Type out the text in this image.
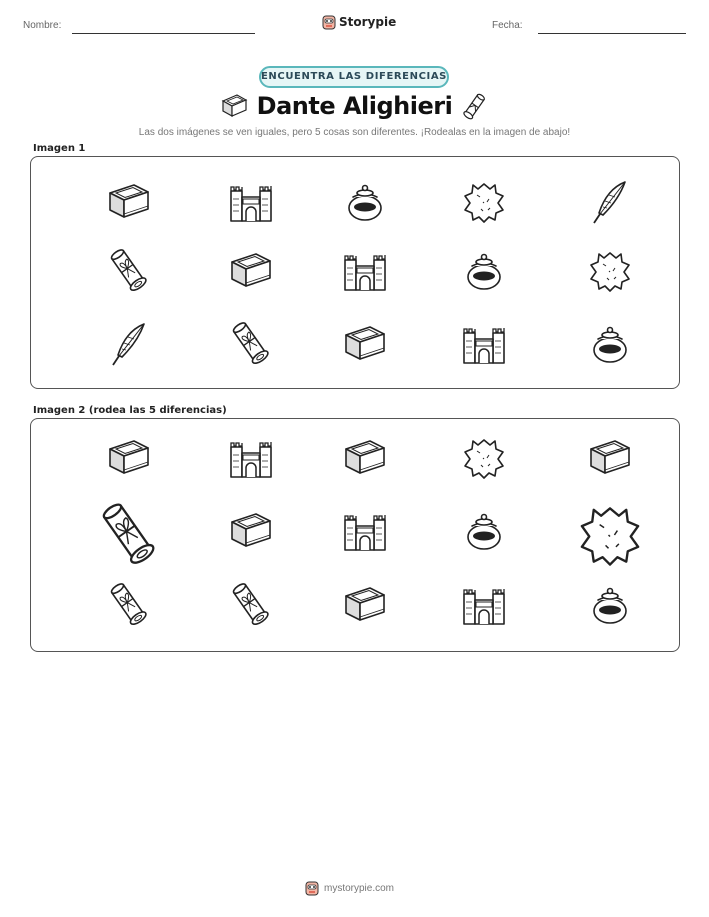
Nombre:	Fecha:
Storypie
ENCUENTRA LAS DIFERENCIAS
Dante Alighieri
Las dos imágenes se ven iguales, pero 5 cosas son diferentes. ¡Rodealas en la imagen de abajo!
Imagen 1
Imagen 2 (rodea las 5 diferencias)
mystorypie.com
